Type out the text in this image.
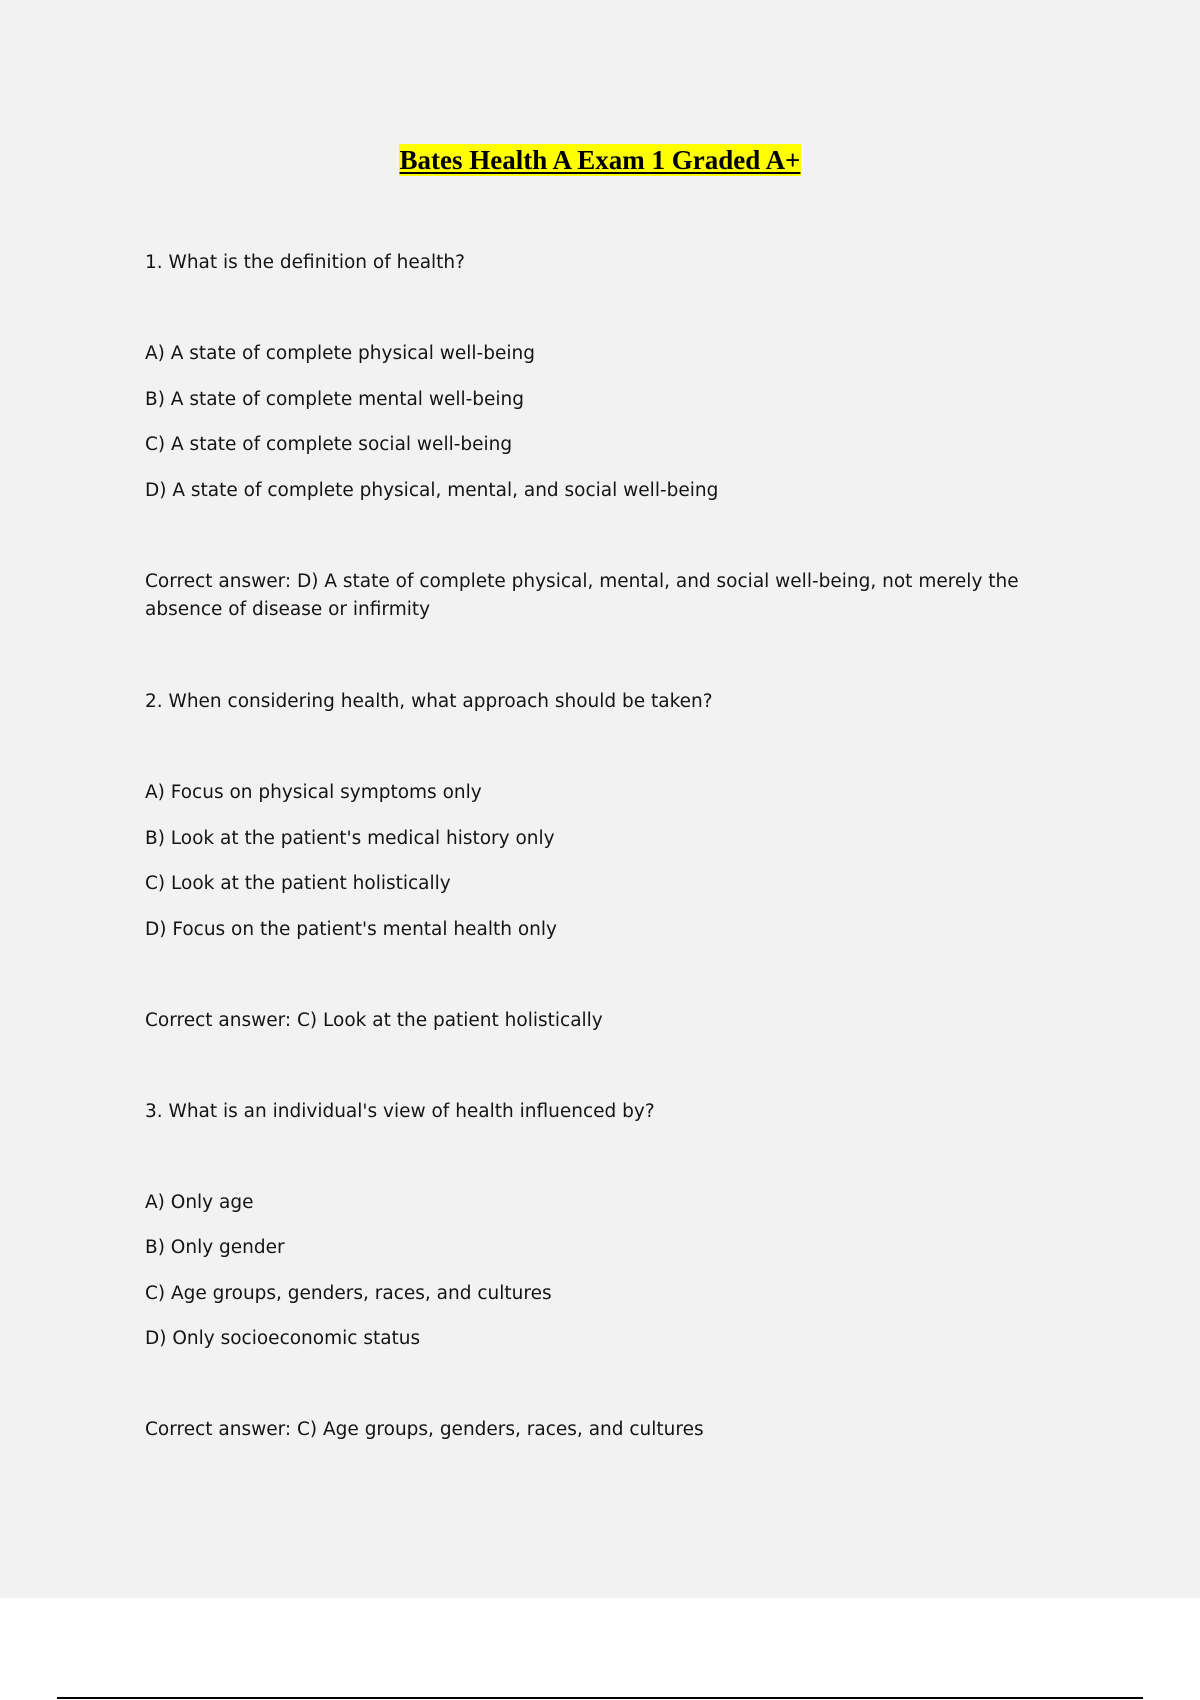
Bates Health A Exam 1 Graded A+
1. What is the definition of health?
A) A state of complete physical well-being
B) A state of complete mental well-being
C) A state of complete social well-being
D) A state of complete physical, mental, and social well-being
Correct answer: D) A state of complete physical, mental, and social well-being, not merely the absence of disease or infirmity
2. When considering health, what approach should be taken?
A) Focus on physical symptoms only
B) Look at the patient's medical history only
C) Look at the patient holistically
D) Focus on the patient's mental health only
Correct answer: C) Look at the patient holistically
3. What is an individual's view of health influenced by?
A) Only age
B) Only gender
C) Age groups, genders, races, and cultures
D) Only socioeconomic status
Correct answer: C) Age groups, genders, races, and cultures
